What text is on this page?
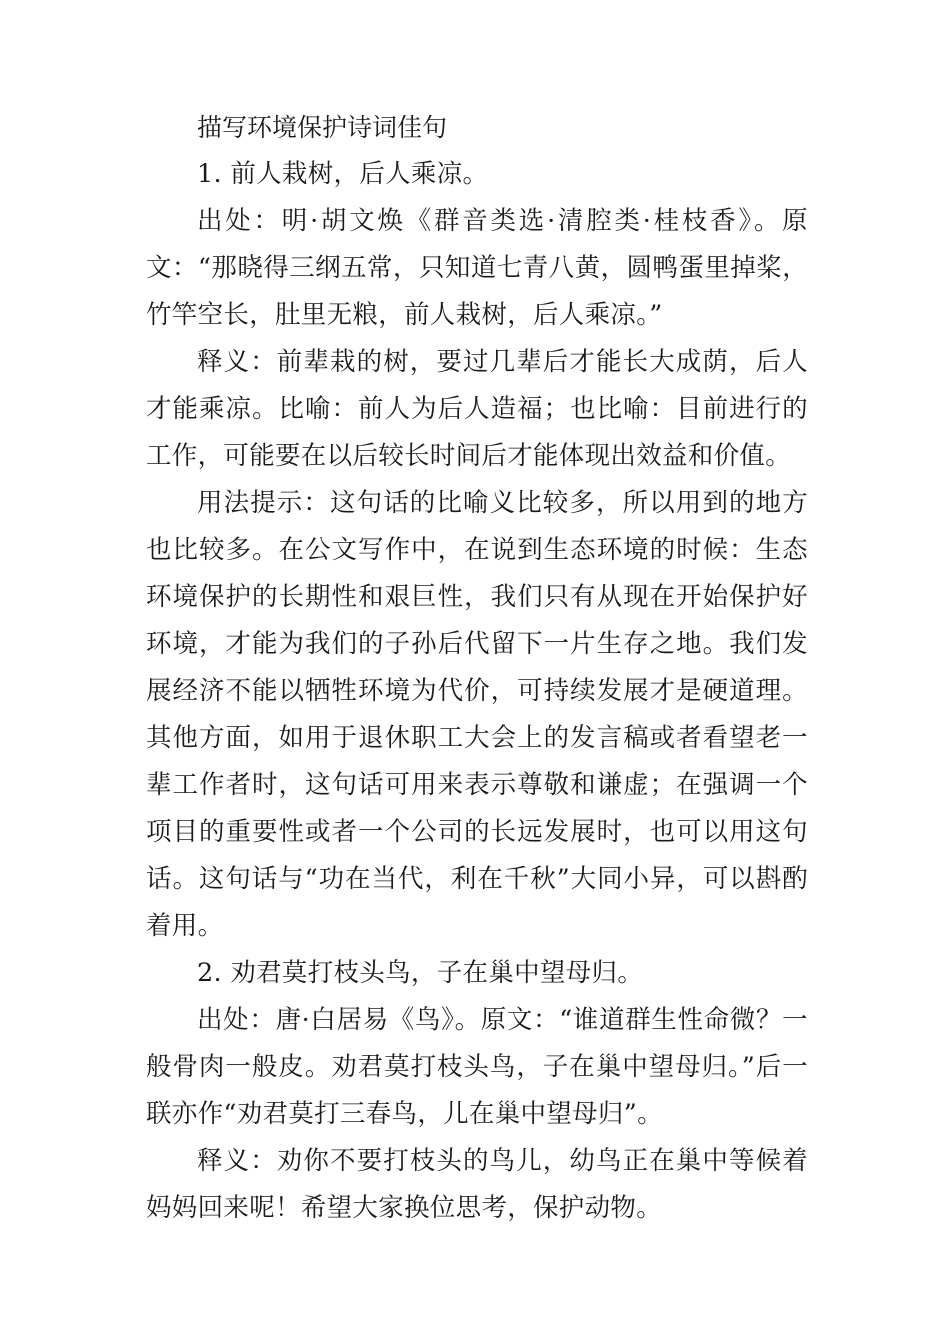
描写环境保护诗词佳句

1. 前人栽树，后人乘凉。

出处：明·胡文焕《群音类选·清腔类·桂枝香》。原文：“那晓得三纲五常，只知道七青八黄，圆鸭蛋里掉桨，竹竿空长，肚里无粮，前人栽树，后人乘凉。”

释义：前辈栽的树，要过几辈后才能长大成荫，后人才能乘凉。比喻：前人为后人造福；也比喻：目前进行的工作，可能要在以后较长时间后才能体现出效益和价值。

用法提示：这句话的比喻义比较多，所以用到的地方也比较多。在公文写作中，在说到生态环境的时候：生态环境保护的长期性和艰巨性，我们只有从现在开始保护好环境，才能为我们的子孙后代留下一片生存之地。我们发展经济不能以牺牲环境为代价，可持续发展才是硬道理。其他方面，如用于退休职工大会上的发言稿或者看望老一辈工作者时，这句话可用来表示尊敬和谦虚；在强调一个项目的重要性或者一个公司的长远发展时，也可以用这句话。这句话与“功在当代，利在千秋”大同小异，可以斟酌着用。

2. 劝君莫打枝头鸟，子在巢中望母归。

出处：唐·白居易《鸟》。原文：“谁道群生性命微？一般骨肉一般皮。劝君莫打枝头鸟，子在巢中望母归。”后一联亦作“劝君莫打三春鸟，儿在巢中望母归”。

释义：劝你不要打枝头的鸟儿，幼鸟正在巢中等候着妈妈回来呢！希望大家换位思考，保护动物。
